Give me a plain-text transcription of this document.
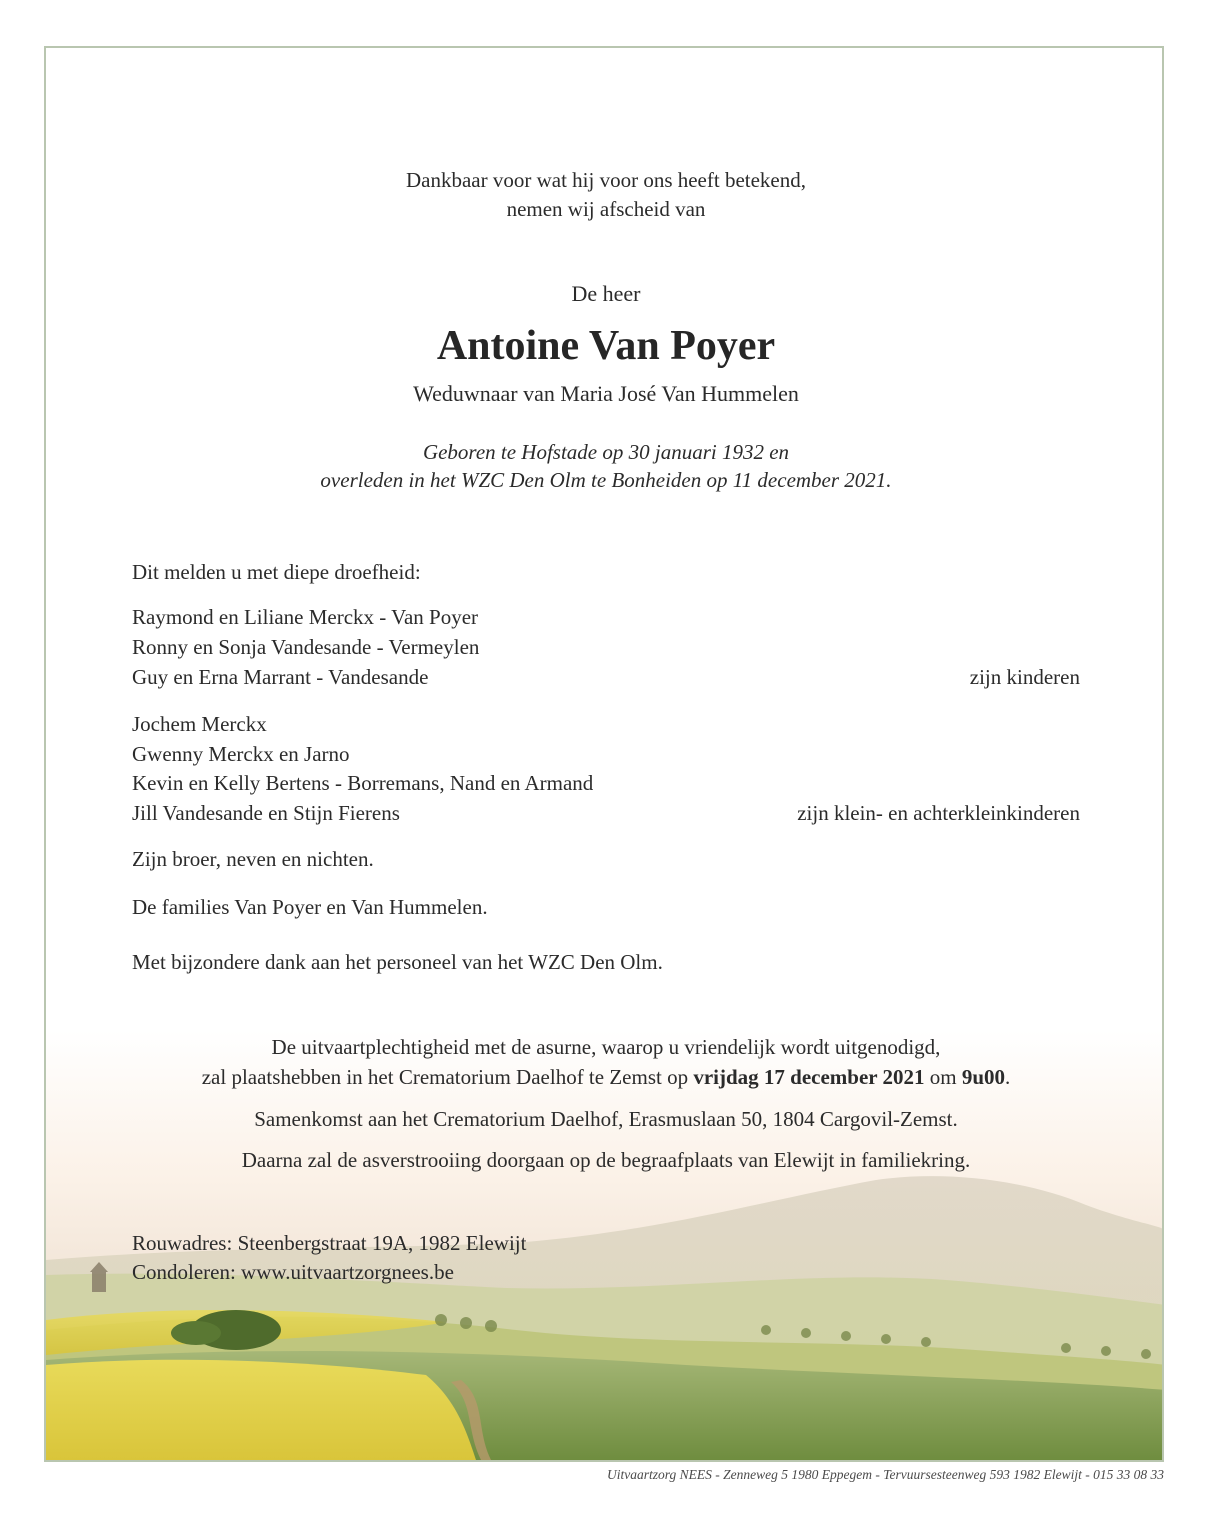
Dankbaar voor wat hij voor ons heeft betekend,
nemen wij afscheid van
De heer
Antoine Van Poyer
Weduwnaar van Maria José Van Hummelen
Geboren te Hofstade op 30 januari 1932 en
overleden in het WZC Den Olm te Bonheiden op 11 december 2021.
Dit melden u met diepe droefheid:
Raymond en Liliane Merckx - Van Poyer
Ronny en Sonja Vandesande - Vermeylen
Guy en Erna Marrant - Vandesande	zijn kinderen
Jochem Merckx
Gwenny Merckx en Jarno
Kevin en Kelly Bertens - Borremans, Nand en Armand
Jill Vandesande en Stijn Fierens	zijn klein- en achterkleinkinderen
Zijn broer, neven en nichten.
De families Van Poyer en Van Hummelen.
Met bijzondere dank aan het personeel van het WZC Den Olm.
De uitvaartplechtigheid met de asurne, waarop u vriendelijk wordt uitgenodigd,
zal plaatshebben in het Crematorium Daelhof te Zemst op vrijdag 17 december 2021 om 9u00.
Samenkomst aan het Crematorium Daelhof, Erasmuslaan 50, 1804 Cargovil-Zemst.
Daarna zal de asverstrooiing doorgaan op de begraafplaats van Elewijt in familiekring.
Rouwadres: Steenbergstraat 19A, 1982 Elewijt
Condoleren: www.uitvaartzorgnees.be
Uitvaartzorg NEES - Zenneweg 5 1980 Eppegem - Tervuursesteenweg 593 1982 Elewijt - 015 33 08 33
